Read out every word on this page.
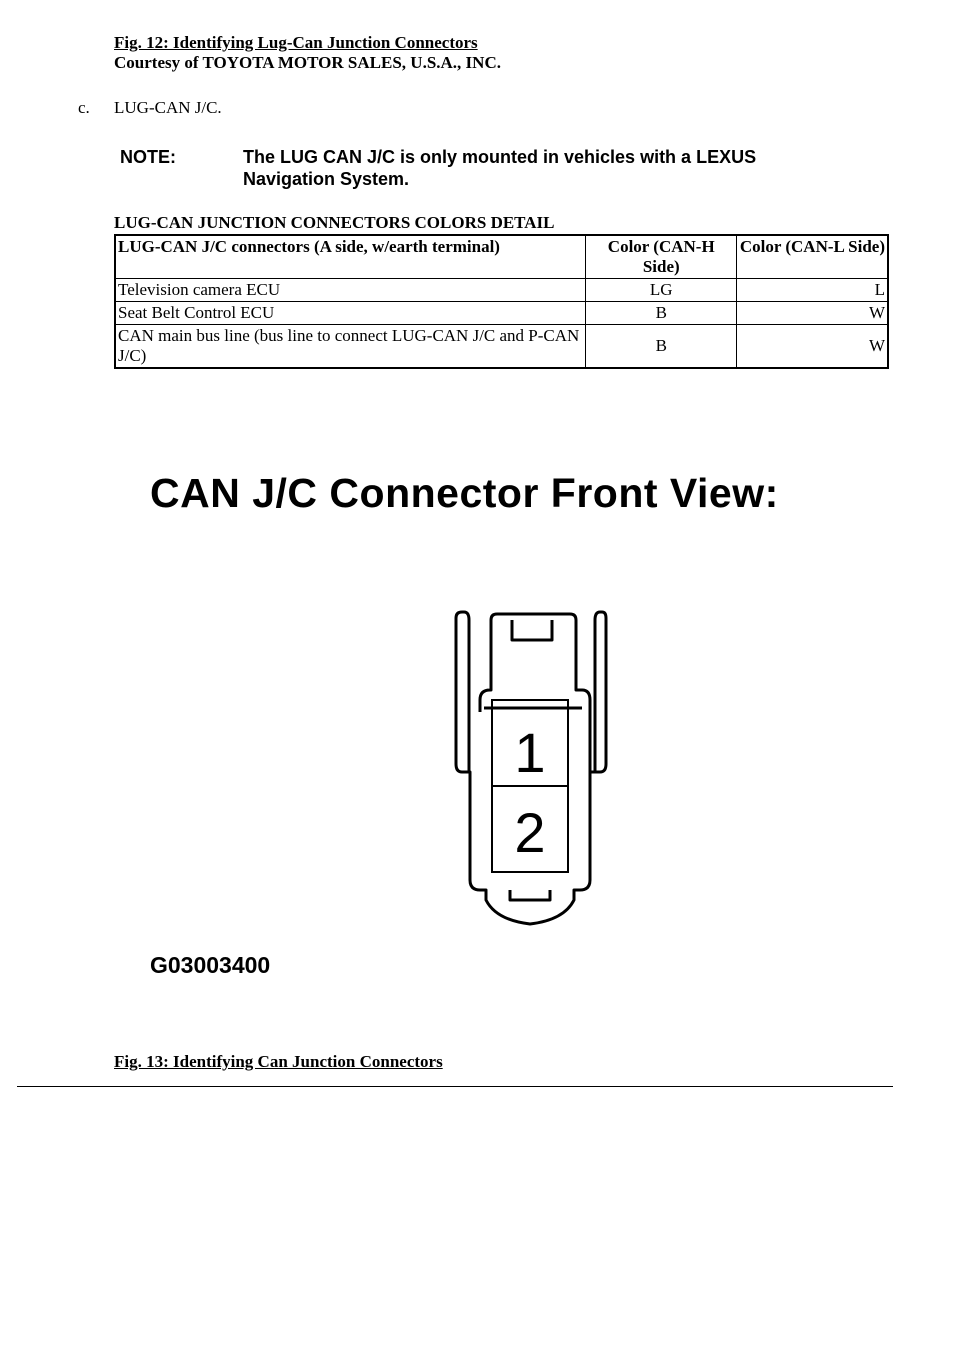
Fig. 12: Identifying Lug-Can Junction Connectors
Courtesy of TOYOTA MOTOR SALES, U.S.A., INC.
c. LUG-CAN J/C.
NOTE:	The LUG CAN J/C is only mounted in vehicles with a LEXUS
Navigation System.
LUG-CAN JUNCTION CONNECTORS COLORS DETAIL
LUG-CAN J/C connectors (A side, w/earth terminal)	Color (CAN-H Side)	Color (CAN-L Side)
Television camera ECU	LG	L
Seat Belt Control ECU	B	W
CAN main bus line (bus line to connect LUG-CAN J/C and P-CAN J/C)	B	W
CAN J/C Connector Front View:
1
2
G03003400
Fig. 13: Identifying Can Junction Connectors
